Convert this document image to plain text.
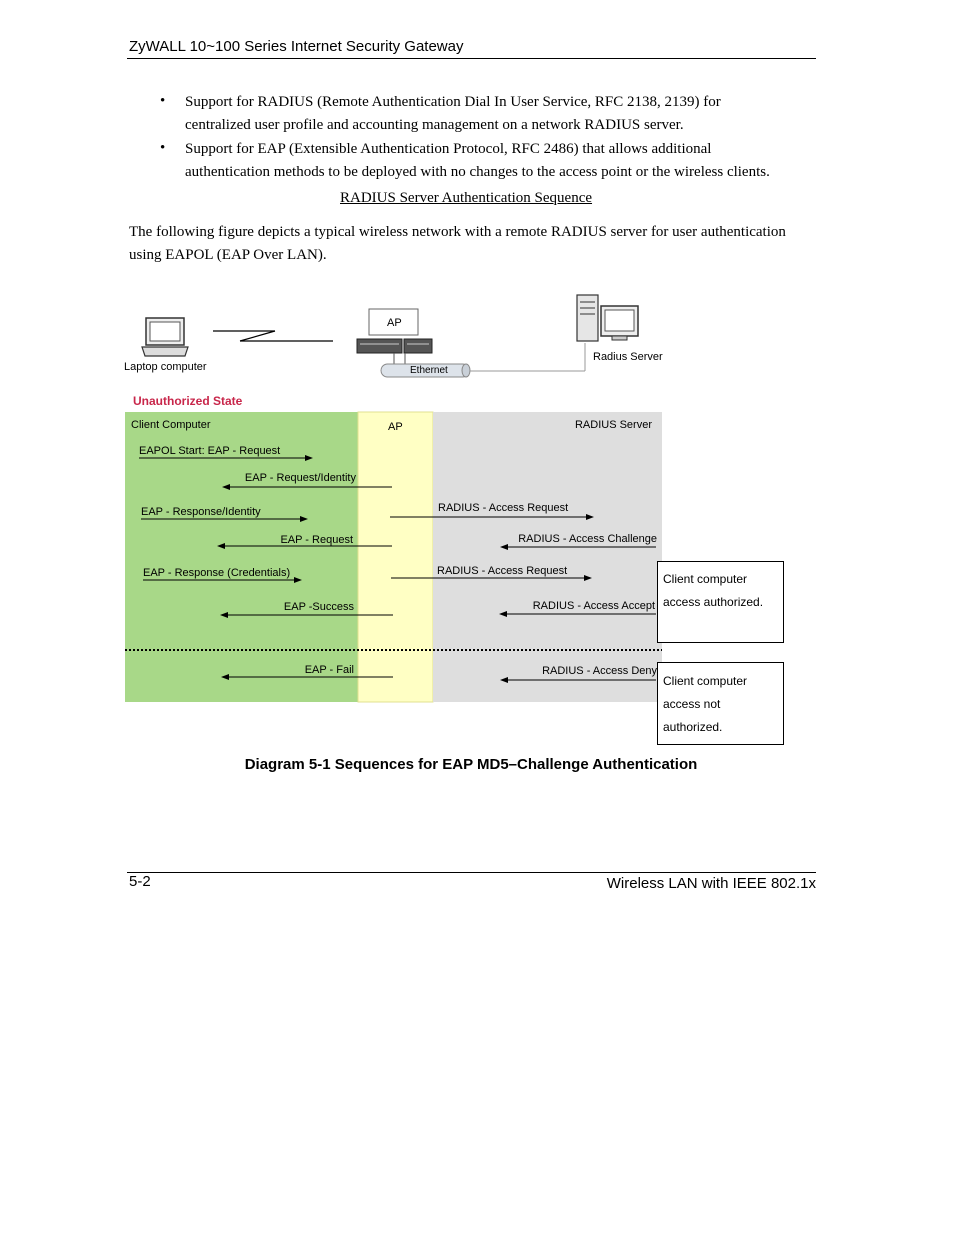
ZyWALL 10~100 Series Internet Security Gateway
• Support for RADIUS (Remote Authentication Dial In User Service, RFC 2138, 2139) for
centralized user profile and accounting management on a network RADIUS server.
• Support for EAP (Extensible Authentication Protocol, RFC 2486) that allows additional
authentication methods to be deployed with no changes to the access point or the wireless clients.
RADIUS Server Authentication Sequence
The following figure depicts a typical wireless network with a remote RADIUS server for user authentication
using EAPOL (EAP Over LAN).
Laptop computer
AP
Ethernet
Radius Server
Unauthorized State
Client Computer	AP	RADIUS Server
EAPOL Start: EAP - Request
EAP - Request/Identity
EAP - Response/Identity
EAP - Request
EAP - Response (Credentials)
EAP -Success
EAP - Fail
RADIUS - Access Request
RADIUS - Access Challenge
RADIUS - Access Request
RADIUS - Access Accept
RADIUS - Access Deny
Client computer
access authorized.
Client computer
access not
authorized.
Diagram 5-1 Sequences for EAP MD5–Challenge Authentication
5-2	Wireless LAN with IEEE 802.1x
